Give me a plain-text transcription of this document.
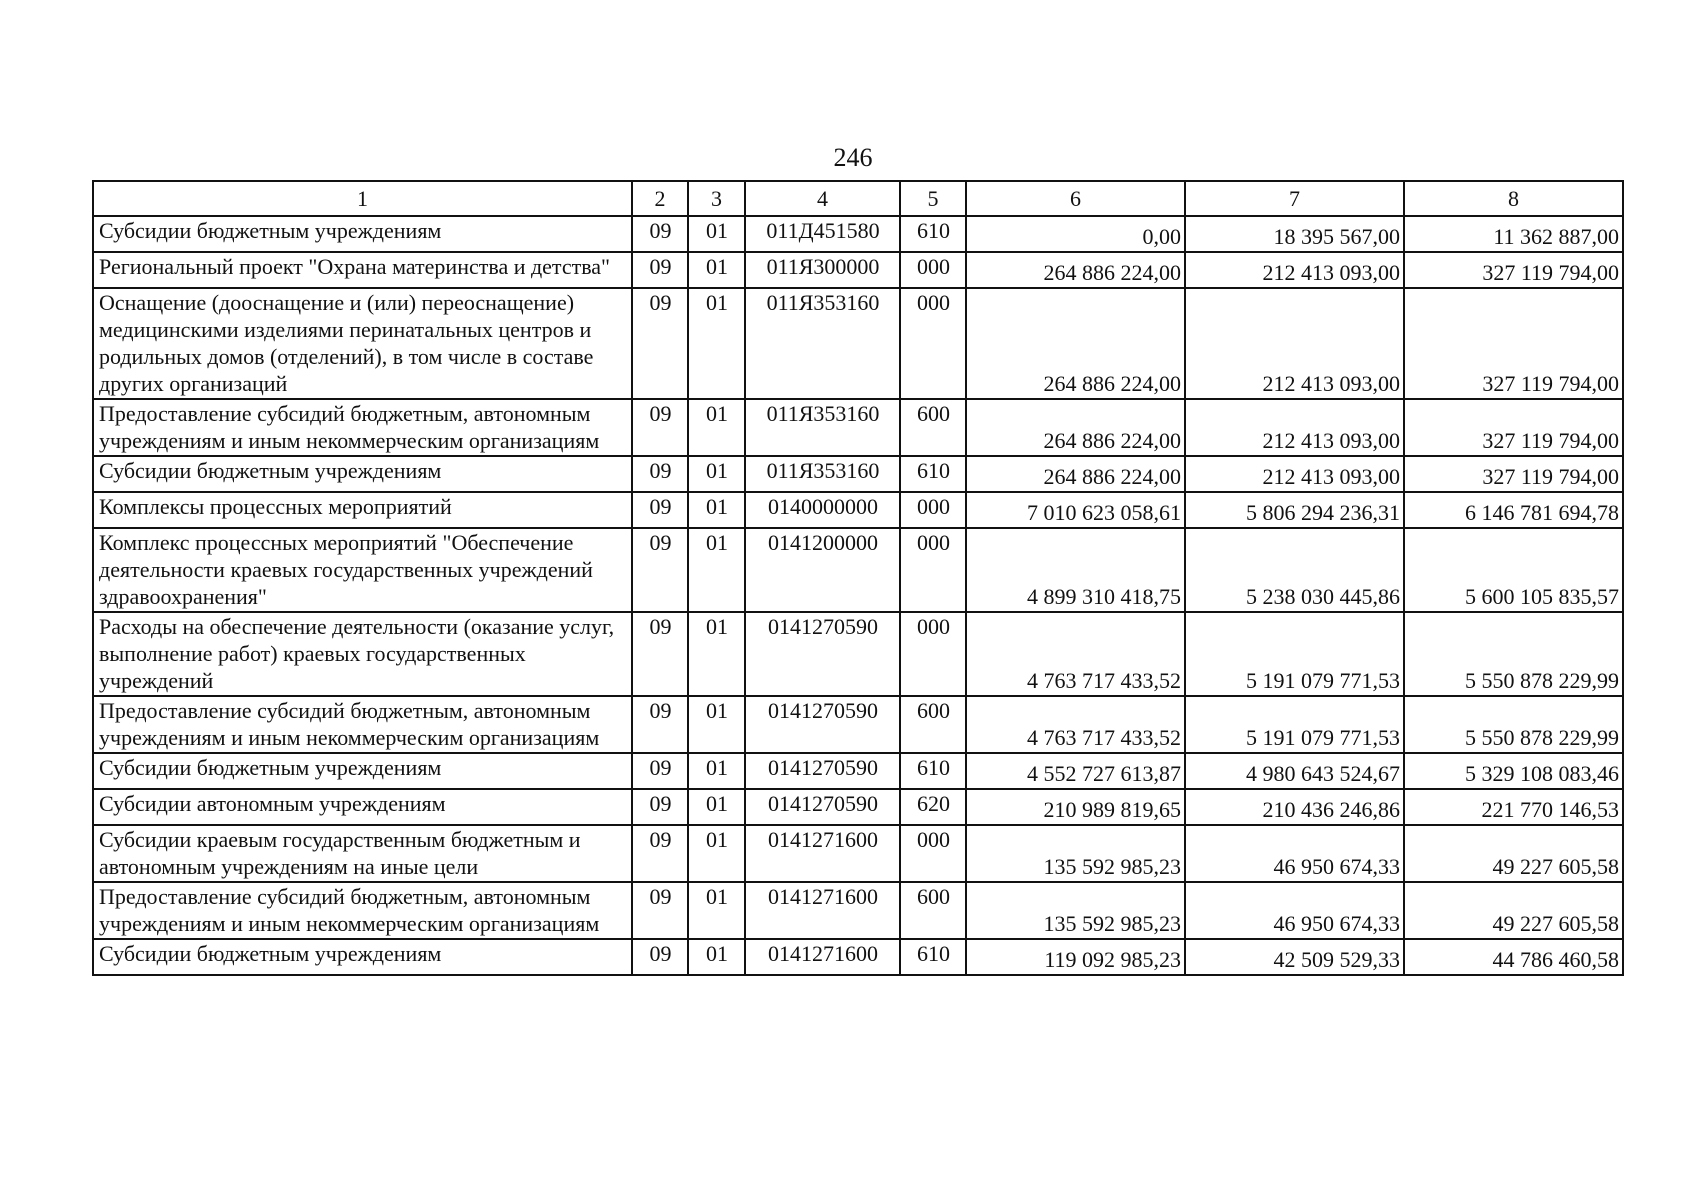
246
1	2	3	4	5	6	7	8
Субсидии бюджетным учреждениям	09	01	011Д451580	610	0,00	18 395 567,00	11 362 887,00
Региональный проект "Охрана материнства и детства"	09	01	011Я300000	000	264 886 224,00	212 413 093,00	327 119 794,00
Оснащение (дооснащение и (или) переоснащение) медицинскими изделиями перинатальных центров и родильных домов (отделений), в том числе в составе других организаций	09	01	011Я353160	000	264 886 224,00	212 413 093,00	327 119 794,00
Предоставление субсидий бюджетным, автономным учреждениям и иным некоммерческим организациям	09	01	011Я353160	600	264 886 224,00	212 413 093,00	327 119 794,00
Субсидии бюджетным учреждениям	09	01	011Я353160	610	264 886 224,00	212 413 093,00	327 119 794,00
Комплексы процессных мероприятий	09	01	0140000000	000	7 010 623 058,61	5 806 294 236,31	6 146 781 694,78
Комплекс процессных мероприятий "Обеспечение деятельности краевых государственных учреждений здравоохранения"	09	01	0141200000	000	4 899 310 418,75	5 238 030 445,86	5 600 105 835,57
Расходы на обеспечение деятельности (оказание услуг, выполнение работ) краевых государственных учреждений	09	01	0141270590	000	4 763 717 433,52	5 191 079 771,53	5 550 878 229,99
Предоставление субсидий бюджетным, автономным учреждениям и иным некоммерческим организациям	09	01	0141270590	600	4 763 717 433,52	5 191 079 771,53	5 550 878 229,99
Субсидии бюджетным учреждениям	09	01	0141270590	610	4 552 727 613,87	4 980 643 524,67	5 329 108 083,46
Субсидии автономным учреждениям	09	01	0141270590	620	210 989 819,65	210 436 246,86	221 770 146,53
Субсидии краевым государственным бюджетным и автономным учреждениям на иные цели	09	01	0141271600	000	135 592 985,23	46 950 674,33	49 227 605,58
Предоставление субсидий бюджетным, автономным учреждениям и иным некоммерческим организациям	09	01	0141271600	600	135 592 985,23	46 950 674,33	49 227 605,58
Субсидии бюджетным учреждениям	09	01	0141271600	610	119 092 985,23	42 509 529,33	44 786 460,58
